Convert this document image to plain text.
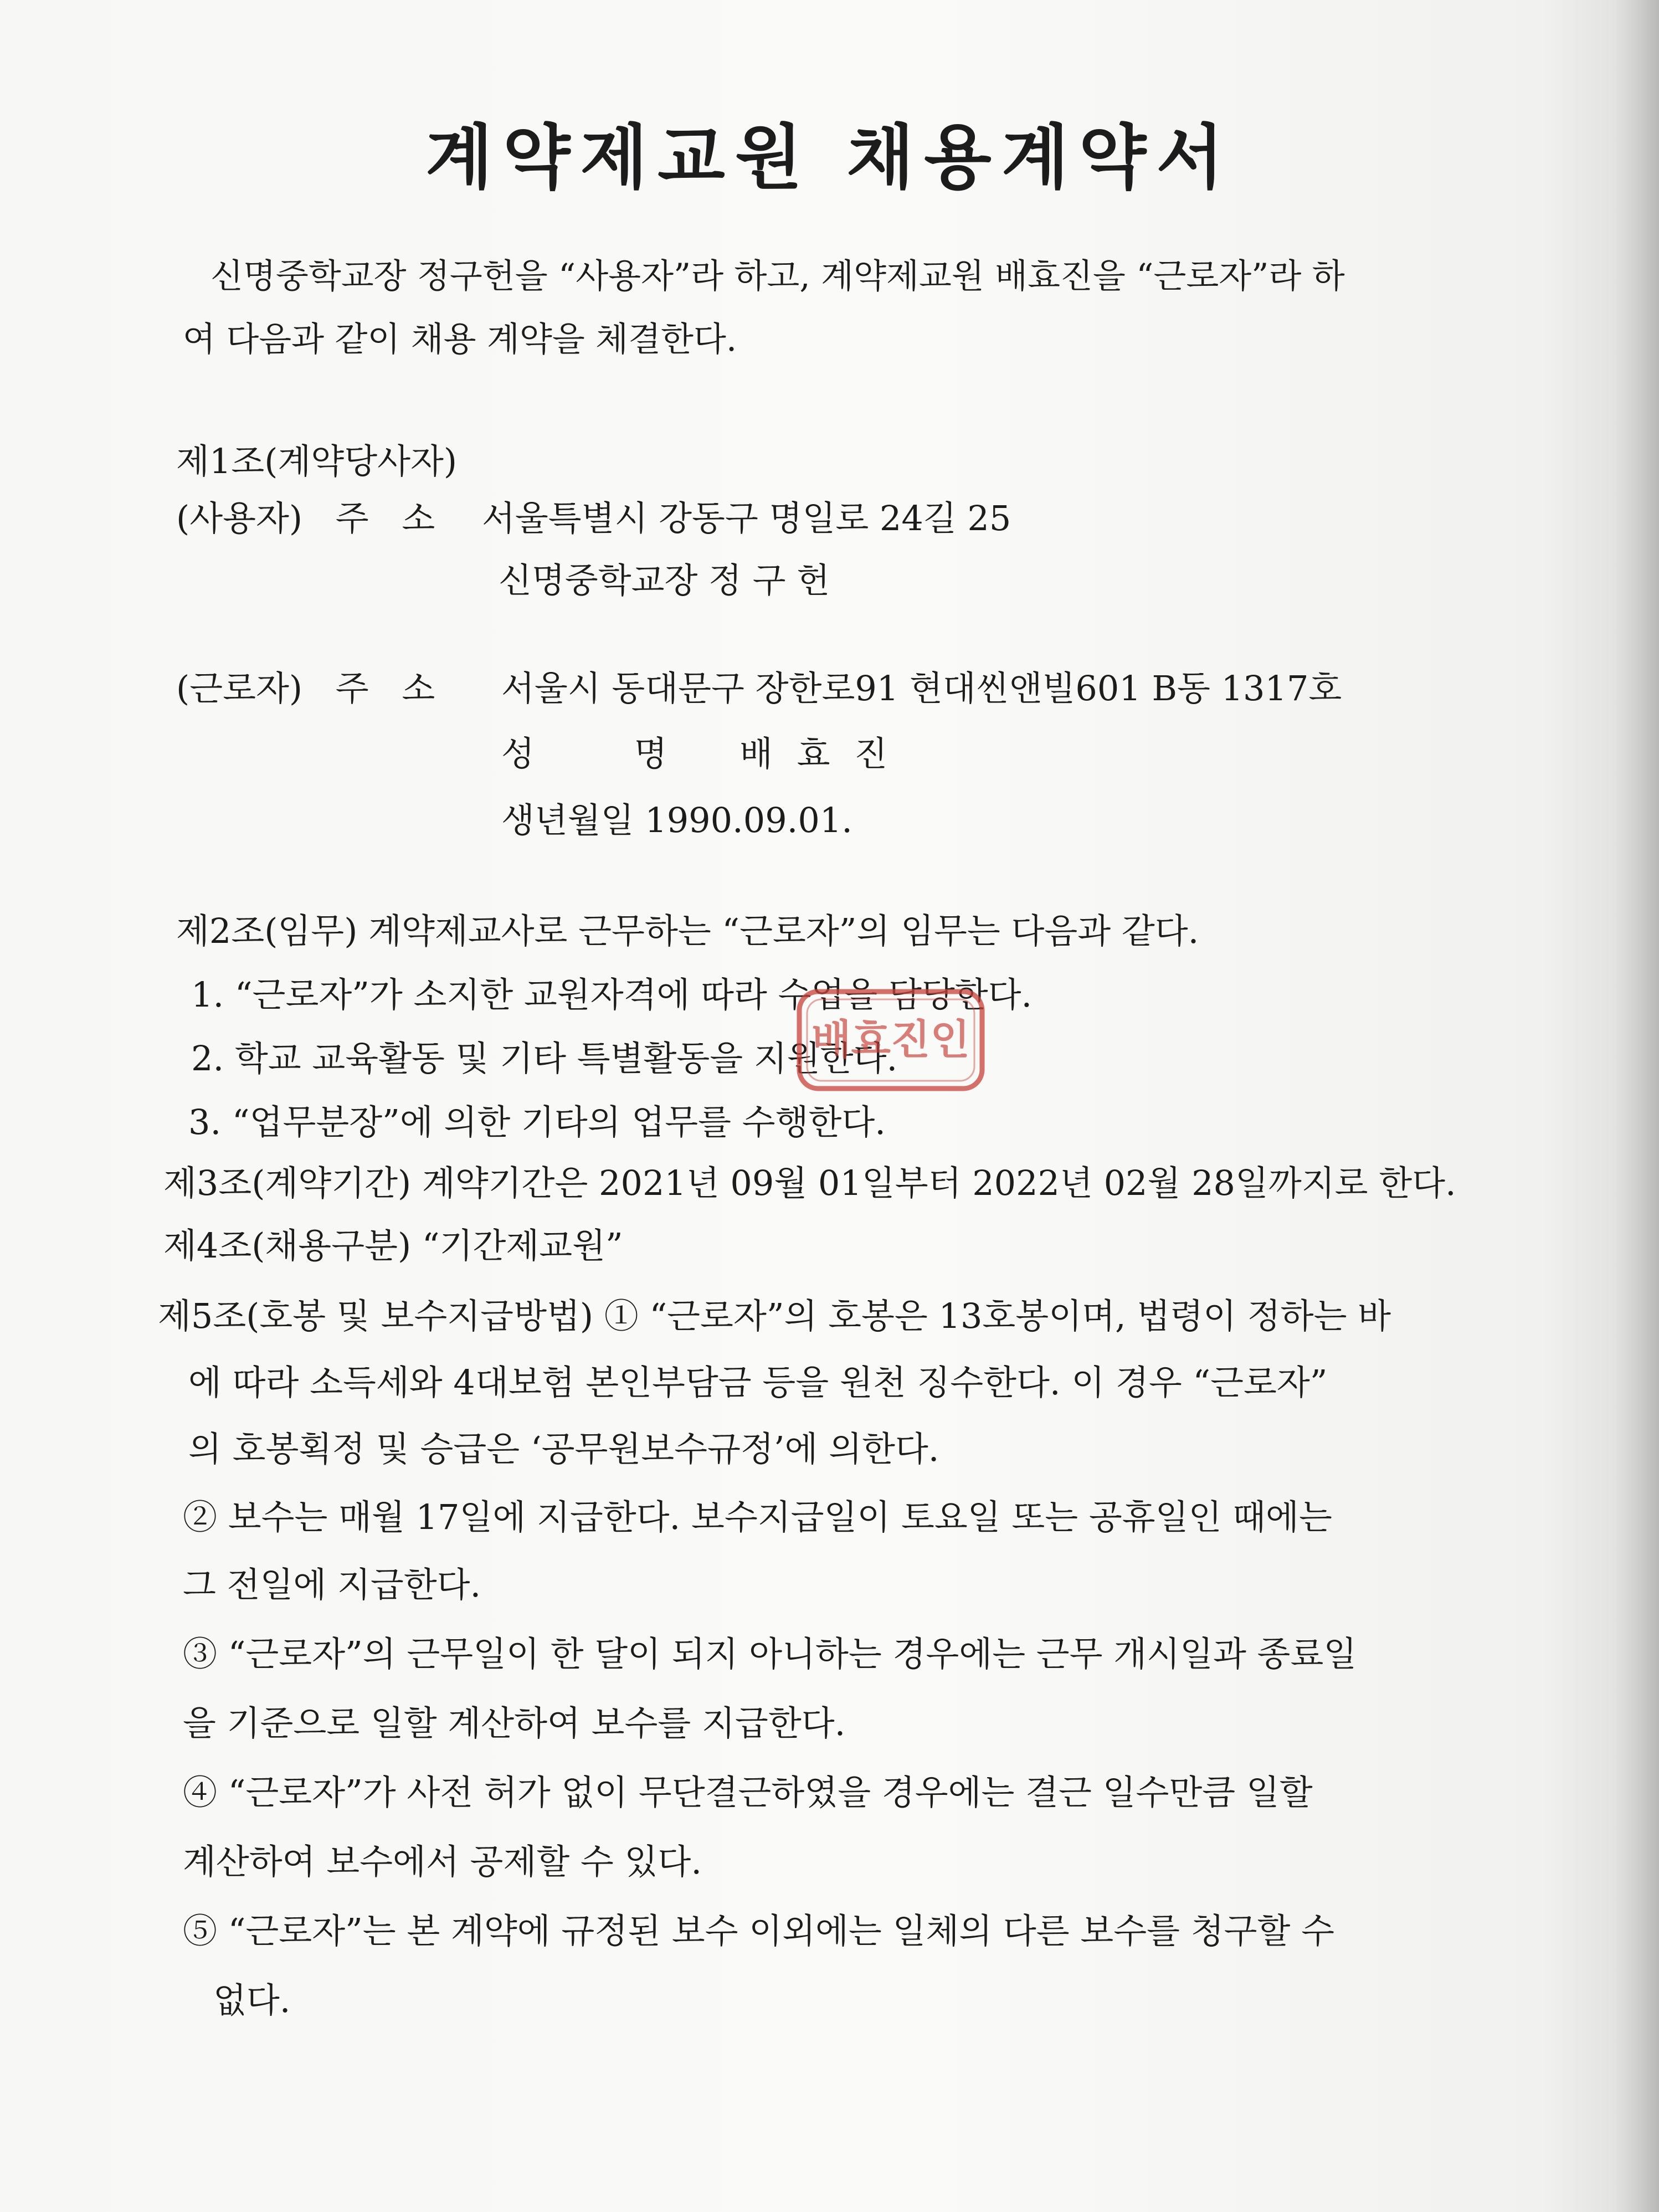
계약제교원 채용계약서
신명중학교장 정구헌을 “사용자”라 하고, 계약제교원 배효진을 “근로자”라 하
여 다음과 같이 채용 계약을 체결한다.
제1조(계약당사자)
(사용자) 주 소 서울특별시 강동구 명일로 24길 25
신명중학교장 정 구 헌
(근로자) 주 소 서울시 동대문구 장한로91 현대씬앤빌601 B동 1317호
성 명 배 효 진
생년월일 1990.09.01.
제2조(임무) 계약제교사로 근무하는 “근로자”의 임무는 다음과 같다.
1. “근로자”가 소지한 교원자격에 따라 수업을 담당한다.
2. 학교 교육활동 및 기타 특별활동을 지원한다.
3. “업무분장”에 의한 기타의 업무를 수행한다.
제3조(계약기간) 계약기간은 2021년 09월 01일부터 2022년 02월 28일까지로 한다.
제4조(채용구분) “기간제교원”
제5조(호봉 및 보수지급방법) ① “근로자”의 호봉은 13호봉이며, 법령이 정하는 바
에 따라 소득세와 4대보험 본인부담금 등을 원천 징수한다. 이 경우 “근로자”
의 호봉획정 및 승급은 ‘공무원보수규정’에 의한다.
② 보수는 매월 17일에 지급한다. 보수지급일이 토요일 또는 공휴일인 때에는
그 전일에 지급한다.
③ “근로자”의 근무일이 한 달이 되지 아니하는 경우에는 근무 개시일과 종료일
을 기준으로 일할 계산하여 보수를 지급한다.
④ “근로자”가 사전 허가 없이 무단결근하였을 경우에는 결근 일수만큼 일할
계산하여 보수에서 공제할 수 있다.
⑤ “근로자”는 본 계약에 규정된 보수 이외에는 일체의 다른 보수를 청구할 수
없다.
배효진인
